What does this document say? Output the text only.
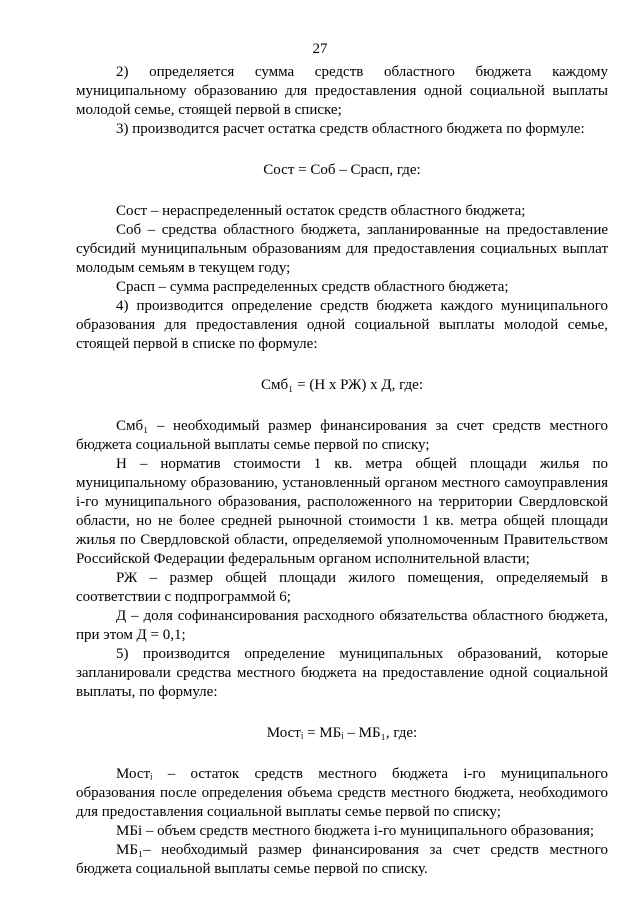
27

2) определяется сумма средств областного бюджета каждому муниципальному образованию для предоставления одной социальной выплаты молодой семье, стоящей первой в списке;

3) производится расчет остатка средств областного бюджета по формуле:

Сост = Соб – Срасп, где:

Сост – нераспределенный остаток средств областного бюджета;

Соб – средства областного бюджета, запланированные на предоставление субсидий муниципальным образованиям для предоставления социальных выплат молодым семьям в текущем году;

Срасп – сумма распределенных средств областного бюджета;

4) производится определение средств бюджета каждого муниципального образования для предоставления одной социальной выплаты молодой семье, стоящей первой в списке по формуле:

Смб₁ = (Н х РЖ) х Д, где:

Смб₁ – необходимый размер финансирования за счет средств местного бюджета социальной выплаты семье первой по списку;

Н – норматив стоимости 1 кв. метра общей площади жилья по муниципальному образованию, установленный органом местного самоуправления i-го муниципального образования, расположенного на территории Свердловской области, но не более средней рыночной стоимости 1 кв. метра общей площади жилья по Свердловской области, определяемой уполномоченным Правительством Российской Федерации федеральным органом исполнительной власти;

РЖ – размер общей площади жилого помещения, определяемый в соответствии с подпрограммой 6;

Д – доля софинансирования расходного обязательства областного бюджета, при этом Д = 0,1;

5) производится определение муниципальных образований, которые запланировали средства местного бюджета на предоставление одной социальной выплаты, по формуле:

Мостᵢ = МБᵢ – МБ₁, где:

Мостᵢ – остаток средств местного бюджета i-го муниципального образования после определения объема средств местного бюджета, необходимого для предоставления социальной выплаты семье первой по списку;

МБi – объем средств местного бюджета i-го муниципального образования;

МБ₁– необходимый размер финансирования за счет средств местного бюджета социальной выплаты семье первой по списку.
